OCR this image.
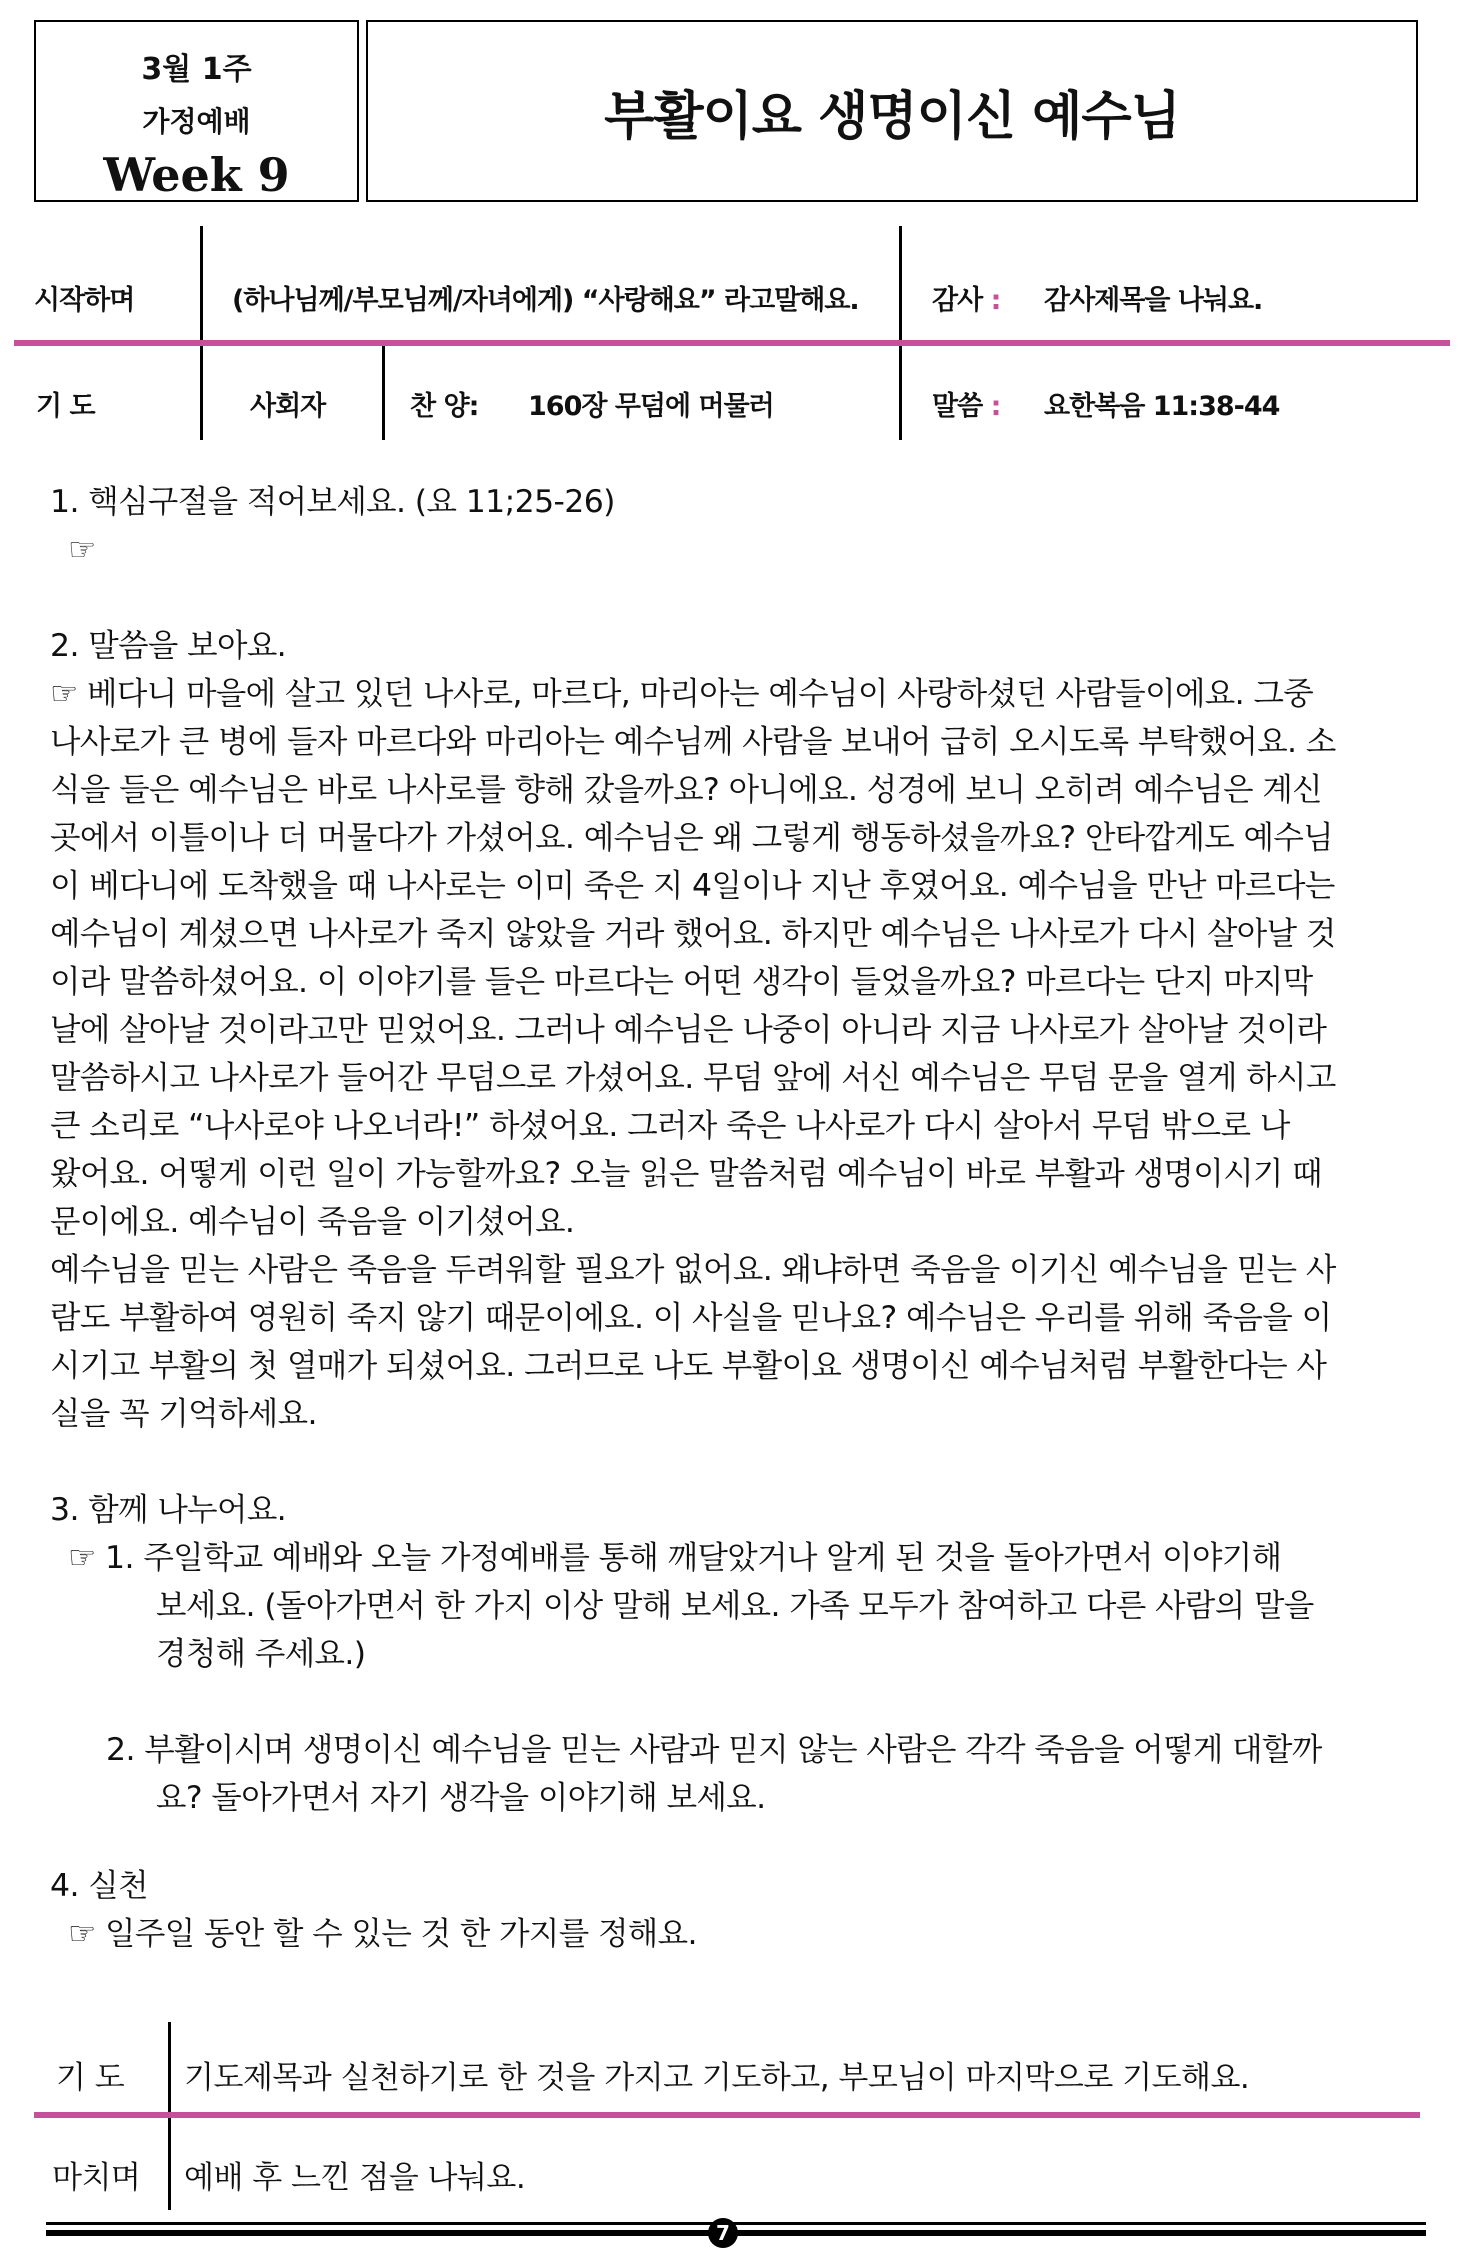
3월 1주
가정예배
Week 9
부활이요 생명이신 예수님
시작하며	(하나님께/부모님께/자녀에게) “사랑해요” 라고말해요.	감사 : 감사제목을 나눠요.
기 도	사회자	찬 양: 160장 무덤에 머물러	말씀 : 요한복음 11:38-44

1. 핵심구절을 적어보세요. (요 11;25-26)

☞

2. 말씀을 보아요.

☞ 베다니 마을에 살고 있던 나사로, 마르다, 마리아는 예수님이 사랑하셨던 사람들이에요. 그중

나사로가 큰 병에 들자 마르다와 마리아는 예수님께 사람을 보내어 급히 오시도록 부탁했어요. 소

식을 들은 예수님은 바로 나사로를 향해 갔을까요? 아니에요. 성경에 보니 오히려 예수님은 계신

곳에서 이틀이나 더 머물다가 가셨어요. 예수님은 왜 그렇게 행동하셨을까요? 안타깝게도 예수님

이 베다니에 도착했을 때 나사로는 이미 죽은 지 4일이나 지난 후였어요. 예수님을 만난 마르다는

예수님이 계셨으면 나사로가 죽지 않았을 거라 했어요. 하지만 예수님은 나사로가 다시 살아날 것

이라 말씀하셨어요. 이 이야기를 들은 마르다는 어떤 생각이 들었을까요? 마르다는 단지 마지막

날에 살아날 것이라고만 믿었어요. 그러나 예수님은 나중이 아니라 지금 나사로가 살아날 것이라

말씀하시고 나사로가 들어간 무덤으로 가셨어요. 무덤 앞에 서신 예수님은 무덤 문을 열게 하시고

큰 소리로 “나사로야 나오너라!” 하셨어요. 그러자 죽은 나사로가 다시 살아서 무덤 밖으로 나

왔어요. 어떻게 이런 일이 가능할까요? 오늘 읽은 말씀처럼 예수님이 바로 부활과 생명이시기 때

문이에요. 예수님이 죽음을 이기셨어요.

예수님을 믿는 사람은 죽음을 두려워할 필요가 없어요. 왜냐하면 죽음을 이기신 예수님을 믿는 사

람도 부활하여 영원히 죽지 않기 때문이에요. 이 사실을 믿나요? 예수님은 우리를 위해 죽음을 이

시기고 부활의 첫 열매가 되셨어요. 그러므로 나도 부활이요 생명이신 예수님처럼 부활한다는 사

실을 꼭 기억하세요.

3. 함께 나누어요.

☞ 1. 주일학교 예배와 오늘 가정예배를 통해 깨달았거나 알게 된 것을 돌아가면서 이야기해

보세요. (돌아가면서 한 가지 이상 말해 보세요. 가족 모두가 참여하고 다른 사람의 말을

경청해 주세요.)

2. 부활이시며 생명이신 예수님을 믿는 사람과 믿지 않는 사람은 각각 죽음을 어떻게 대할까

요? 돌아가면서 자기 생각을 이야기해 보세요.

4. 실천

☞ 일주일 동안 할 수 있는 것 한 가지를 정해요.

기 도 기도제목과 실천하기로 한 것을 가지고 기도하고, 부모님이 마지막으로 기도해요.
마치며 예배 후 느낀 점을 나눠요.
7
